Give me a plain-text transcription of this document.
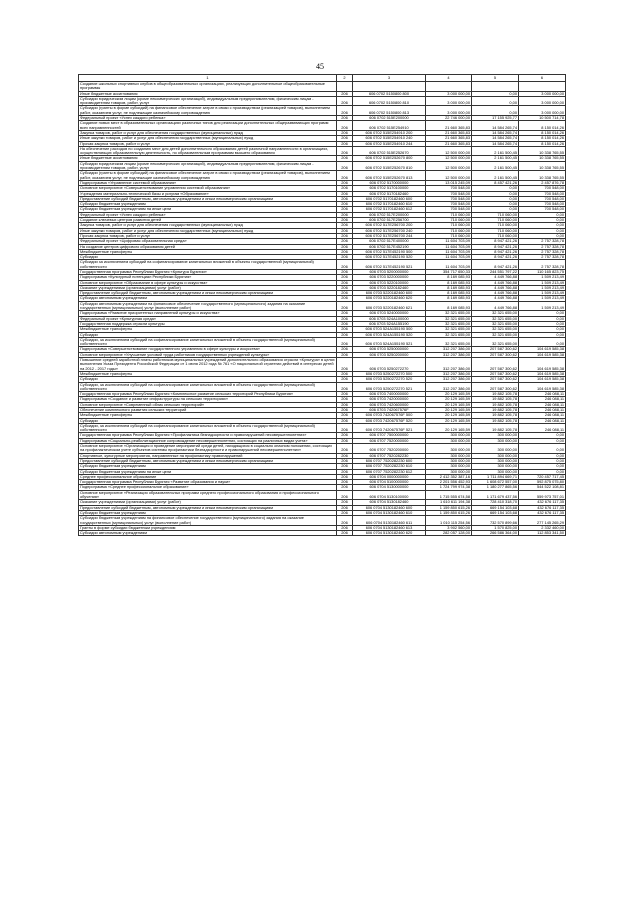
45
1	2	3	4	5	6
Создание школьных спортивных клубов в общеобразовательных организациях, реализующих дополнительные общеобразовательные программы					
Иные бюджетные ассигнования	206	606 0702 5150800 800	3 000 000,00	0,00	3 000 000,00
Субсидии юридическим лицам (кроме некоммерческих организаций), индивидуальным предпринимателям, физическим лицам - производителям товаров, работ, услуг	206	606 0702 5150800 810	3 000 000,00	0,00	3 000 000,00
Субсидии (гранты в форме субсидий) на финансовое обеспечение затрат в связи с производством (реализацией товаров), выполнением работ, оказанием услуг, не подлежащие казначейскому сопровождению	206	606 0702 5150800 813	3 000 000,00	0,00	3 000 000,00
Федеральный проект «Успех каждого ребенка»	206	606 0702 515Е200000	22 746 000,00	17 155 925,77	10 500 714,78
Создание новых мест в образовательных организациях различных типов для реализации дополнительных общеразвивающих программ всех направленностей	206	606 0702 515Е254910	21 660 365,83	14 584 265,74	8 150 014,26
Закупка товаров, работ и услуг для обеспечения государственных (муниципальных) нужд	206	606 0702 515Е254910 200	21 660 365,83	14 584 265,74	8 150 014,26
Иные закупки товаров, работ и услуг для обеспечения государственных (муниципальных) нужд	206	606 0702 515Е254910 240	21 660 365,83	14 584 265,74	8 150 014,26
Прочая закупка товаров, работ и услуг	206	606 0702 515Е254910 244	21 660 365,83	14 584 265,74	8 150 014,26
На обеспечение расходов по созданию мест для детей дополнительного образования детей различной направленности в организациях, осуществляющих образовательную деятельность, по образовательным программам высшего образования	206	606 0702 515Е252670	12 500 000,00	2 161 500,45	10 338 765,55
Иные бюджетные ассигнования	206	606 0702 515Е252670 800	12 500 000,00	2 161 500,45	10 338 765,55
Субсидии юридическим лицам (кроме некоммерческих организаций), индивидуальным предпринимателям, физическим лицам - производителям товаров, работ, услуг	206	606 0702 515Е252670 810	12 500 000,00	2 161 500,45	10 338 765,55
Субсидии (гранты в форме субсидий) на финансовое обеспечение затрат в связи с производством (реализацией товаров), выполнением работ, оказанием услуг, не подлежащие казначейскому сопровождению	206	606 0702 515Е252670 813	12 500 000,00	2 161 500,45	10 338 765,55
Подпрограмма «Управление системой образования»	206	606 0702 5170000000	13 015 245,09	8 457 421,26	2 457 876,78
Основное мероприятие «Совершенствование управления системой образования»	206	606 0702 5170100000	700 548,00	0,00	700 548,00
Учреждения материально-технической базы и услугам «Образование»	206	606 0702 5170182460	700 548,00	0,00	700 548,00
Предоставление субсидий бюджетным, автономным учреждениям и иным некоммерческим организациям	206	606 0702 5170182460 600	700 548,00	0,00	700 548,00
Субсидии бюджетным учреждениям	206	606 0702 5170182460 610	700 548,00	0,00	700 548,00
Субсидии бюджетным учреждениям на иные цели	206	606 0702 5170182460 612	700 548,00	0,00	700 548,00
Федеральный проект «Успех каждого ребенка»	206	606 0702 517Е200000	710 060,00	710 060,00	0,00
Создание ключевых центров развития детей	206	606 0702 517Е256700	710 060,00	710 060,00	0,00
Закупка товаров, работ и услуг для обеспечения государственных (муниципальных) нужд	206	606 0702 517Е256700 200	710 060,00	710 060,00	0,00
Иные закупки товаров, работ и услуг для обеспечения государственных (муниципальных) нужд	206	606 0702 517Е256700 240	710 060,00	710 060,00	0,00
Прочая закупка товаров, работ и услуг	206	606 0702 517Е256700 244	710 060,00	710 060,00	0,00
Федеральный проект «Цифровая образовательная среда»	206	606 0702 517Е400000	11 604 703,09	8 947 421,26	2 757 328,78
На создание центров цифрового образования детей	206	606 0702 517Е452190	11 604 703,09	8 947 421,26	2 757 328,78
Межбюджетные трансферты	206	606 0702 517Е452190 500	11 604 703,09	8 947 421,26	2 757 328,78
Субсидии	206	606 0702 517Е452190 520	11 604 703,09	8 947 421,26	2 757 328,78
Субсидии за исключением субсидий на софинансирование капитальных вложений в объекты государственной (муниципальной) собственности	206	606 0702 517Е452190 521	11 604 703,09	8 947 421,26	2 757 328,78
Государственная программа Республики Бурятия «Культура Бурятии»	206	606 0703 5200000000	354 717 650,33	244 551 797,22	110 165 823,75
Подпрограмма «Культурный потенциал Республики Бурятия»	206	606 0703 5220000000	8 169 085,93	4 449 766,88	1 509 213,49
Основное мероприятие «Образование в сфере культуры и искусства»	206	606 0703 5220100000	8 169 085,93	4 449 766,88	1 509 213,49
Оказание учреждениями (организациями) услуг (работ)	206	606 0703 5220182460	8 169 085,93	4 449 766,88	1 509 213,49
Предоставление субсидий бюджетным, автономным учреждениям и иным некоммерческим организациям	206	606 0703 5220182460 600	8 169 085,93	4 449 766,88	1 509 213,49
Субсидии автономным учреждениям	206	606 0703 5220182460 620	8 169 085,93	4 449 766,88	1 509 213,49
Субсидии автономным учреждениям на финансовое обеспечение государственного (муниципального) задания на оказание государственных (муниципальных) услуг (выполнение работ)	206	606 0703 5220182460 621	8 169 085,93	4 449 766,88	1 509 213,49
Подпрограмма «Развитие приоритетных направлений культуры и искусства»	206	606 0703 5240000000	32 321 655,00	32 321 655,00	0,00
Федеральный проект «Культурная среда»	206	606 0703 524А100000	32 321 655,00	32 321 655,00	0,00
Государственная поддержка отрасли культуры	206	606 0703 524А155190	32 321 655,00	32 321 655,00	0,00
Межбюджетные трансферты	206	606 0703 524А155190 500	32 321 655,00	32 321 655,00	0,00
Субсидии	206	606 0703 524А155190 520	32 321 655,00	32 321 655,00	0,00
Субсидии, за исключением субсидий на софинансирование капитальных вложений в объекты государственной (муниципальной) собственности	206	606 0703 524А155190 521	32 321 655,00	32 321 655,00	0,00
Подпрограмма «Совершенствование государственного управления в сфере культуры и искусства»	206	606 0703 5250000000	312 207 386,00	207 587 300,62	104 619 585,38
Основное мероприятие «Улучшение условий труда работников государственных учреждений культуры»	206	606 0703 5250200000	312 207 386,00	207 587 300,62	104 619 585,38
Повышение средней заработной платы работников муниципальных учреждений дополнительного образования отрасли «Культура» в целях выполнения Указа Президента Российской Федерации от 1 июня 2012 года № 761 «О национальной стратегии действий в интересах детей на 2012 - 2017 годы»	206	606 0703 5250272270	312 207 386,00	207 587 300,62	104 619 585,38
Межбюджетные трансферты	206	606 0703 5250272270 500	312 207 386,00	207 587 300,62	104 619 585,38
Субсидии	206	606 0703 5250272270 520	312 207 386,00	207 587 300,62	104 619 585,38
Субсидии, за исключением субсидий на софинансирование капитальных вложений в объекты государственной (муниципальной) собственности	206	606 0703 5250272270 521	312 207 386,00	207 587 300,62	104 619 585,38
Государственная программа Республики Бурятия «Комплексное развитие сельских территорий Республики Бурятия»	206	606 0703 7400000000	20 129 165,59	19 882 105,78	246 088,11
Подпрограмма «Создание и развитие инфраструктуры на сельских территориях»	206	606 0703 7420000000	20 129 165,59	19 882 105,78	246 088,11
Основное мероприятие «Современный облик сельских территорий»	206	606 0703 7420600000	20 129 165,59	19 882 105,78	246 088,11
Обеспечение комплексного развития сельских территорий	206	606 0703 742067576F	20 129 165,59	19 882 105,78	246 088,11
Межбюджетные трансферты	206	606 0703 742067576F 500	20 129 165,59	19 882 105,78	246 088,11
Субсидии	206	606 0703 742067576F 520	20 129 165,59	19 882 105,78	246 088,11
Субсидии, за исключением субсидий на софинансирование капитальных вложений в объекты государственной (муниципальной) собственности	206	606 0703 742067576F 521	20 129 165,59	19 882 105,78	246 088,11
Государственная программа Республики Бурятия «Профилактика безнадзорности и правонарушений несовершеннолетних»	206	606 0707 7500000000	300 000,00	300 000,00	0,00
Подпрограмма «Социально-реабилитационное сопровождение несовершеннолетних, состоящих на различных видах учета»	206	606 0707 7520000000	300 000,00	300 000,00	0,00
Основное мероприятие «Организация и проведение мероприятий среди детей, находящихся в социально опасном положении, состоящих на профилактическом учете субъектов системы профилактики безнадзорности и правонарушений несовершеннолетних»	206	606 0707 7520200000	300 000,00	300 000,00	0,00
Спортивные, культурные мероприятия, направленные на профилактику правонарушений	206	606 0707 7520282230	300 000,00	300 000,00	0,00
Предоставление субсидий бюджетным, автономным учреждениям и иным некоммерческим организациям	206	606 0707 7520282230 600	300 000,00	300 000,00	0,00
Субсидии бюджетным учреждениям	206	606 0707 7520282230 610	300 000,00	300 000,00	0,00
Субсидии бюджетным учреждениям на иные цели	206	606 0707 7520282230 612	300 000,00	300 000,00	0,00
Среднее профессиональное образование	206	606 0704 0000000000	2 412 352 387,16	1 711 894 669,71	720 457 717,45
Государственная программа Республики Бурятия «Развитие образования и науки»	206	606 0704 5100000000	2 201 556 452,93	1 608 672 557,00	592 875 075,80
Подпрограмма «Среднее профессиональное образование»	206	606 0704 5130000000	1 724 799 974,38	1 180 277 865,56	544 522 108,81
Основное мероприятие «Реализация образовательных программ среднего профессионального образования и профессионального обучения»	206	606 0704 5130100000	1 715 555 674,58	1 171 679 437,56	559 973 757,01
Оказание учреждениями (организациями) услуг (работ)	206	606 0704 5130182460	1 610 611 194,38	728 410 318,70	432 676 117,35
Предоставление субсидий бюджетным, автономным учреждениям и иным некоммерческим организациям	206	606 0704 5130182460 600	1 159 850 615,26	669 154 103,68	432 676 117,35
Субсидии бюджетным учреждениям	206	606 0704 5130182460 610	1 159 850 615,26	669 154 103,68	432 676 117,35
Субсидии бюджетным учреждениям на финансовое обеспечение государственного (муниципального) задания на оказание государственных (муниципальных) услуг (выполнение работ)	206	606 0704 5130182460 611	1 010 115 254,56	732 570 899,66	277 145 265,29
Гранты в форме субсидии бюджетным учреждениям	206	606 0704 5130182460 613	3 902 560,00	1 570 825,00	2 332 460,00
Субсидии автономным учреждениям	206	606 0704 5130182460 620	282 057 128,00	266 586 364,00	112 853 341,50
